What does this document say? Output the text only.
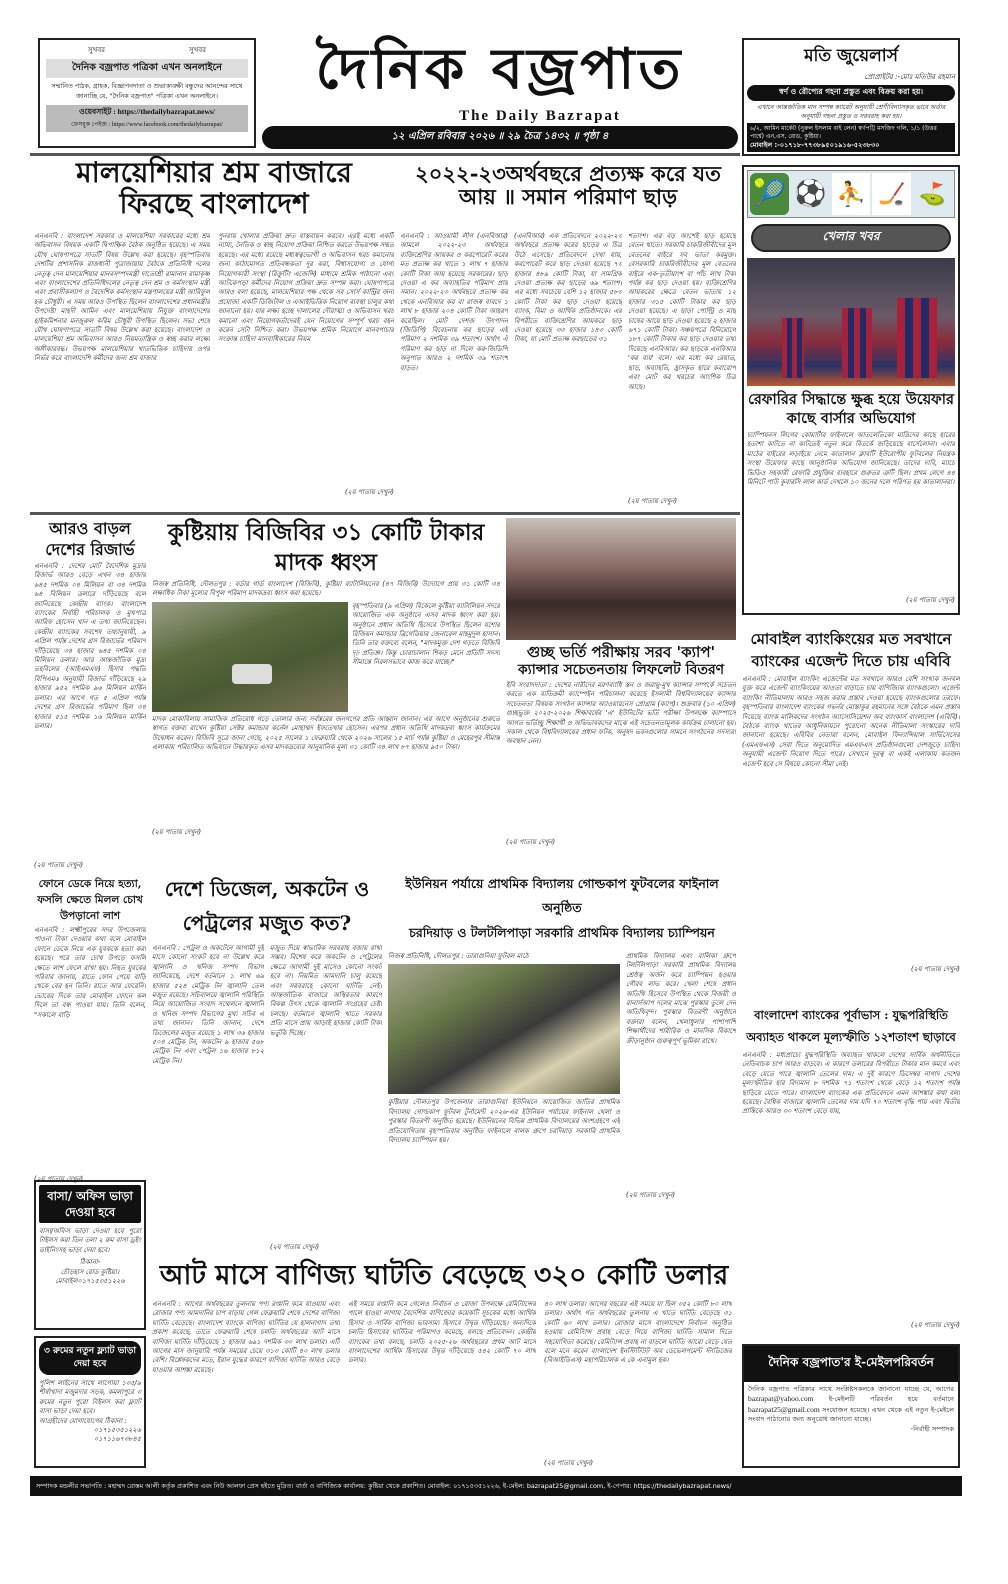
সুখবর	সুখবর
দৈনিক বজ্রপাত পত্রিকা এখন অনলাইনে
সম্মানিত পাঠক, গ্রাহক, বিজ্ঞাপনদাতা ও শুভাকাঙ্ক্ষী বন্ধুদের আনন্দের সাথে জানাচ্ছি যে, "দৈনিক বজ্রপাত" পত্রিকা এখন অনলাইনে।
ওয়েবসাইট : https://thedailybazrapat.news/
ফেসবুক পেইজ : https://www.facebook.com/thedailybazrapat/
দৈনিক বজ্রপাত
The Daily Bazrapat
১২ এপ্রিল রবিবার ২০২৬ ॥ ২৯ চৈত্র ১৪৩২ ॥ পৃষ্ঠা ৪
মতি জুয়েলার্স
প্রোপ্রাইটর :-মোঃ মতিউর রহমান
স্বর্ণ ও রৌপ্যের গহনা প্রস্তুত এবং বিক্রয় করা হয়।
এখানে আন্তর্জাতিক মান সম্পন্ন ক্যারেট অনুযায়ী শ্রেণীবিন্যাসকৃত ভাবে অর্ডার অনুযায়ী গহনা প্রস্তুত ও সরবরাহ করা হয়।
৬/২, আমিন মার্কেট (নুরুল ইসলাম বাই লেন) স্বর্ণপট্টি মসজিদ গলি, ১/১ (উত্তর পার্শ্বে) এন,এস, রোড, কুষ্টিয়া।
মোবাইল :-০১৭১৮-৭৭৩৮৯৫০১৯১৬-৫২৩৮৩০
মালয়েশিয়ার শ্রম বাজারে ফিরছে বাংলাদেশ
এনএনবি : বাংলাদেশ সরকার ও মালয়েশিয়া সরকারের মধ্যে শ্রম অভিবাসন বিষয়ক একটি দ্বিপাক্ষিক বৈঠক অনুষ্ঠিত হয়েছে। এ সময় যৌথ ঘোষণাপত্রে সাতটি বিষয় উল্লেখ করা হয়েছে। বৃহস্পতিবার দেশটির প্রশাসনিক রাজধানী পুত্রাজায়ায় বৈঠকে প্রতিনিধি দলের নেতৃত্ব দেন মালয়েশিয়ার মানবসম্পদমন্ত্রী দাতোশ্রী রামানান রামাকৃষ্ণ এবং বাংলাদেশের প্রতিনিধিদলের নেতৃত্ব দেন শ্রম ও কর্মসংস্থান মন্ত্রী এবং প্রবাসীকল্যাণ ও বৈদেশিক কর্মসংস্থান মন্ত্রণালয়ের মন্ত্রী আরিফুল হক চৌধুরী। এ সময় আরও উপস্থিত ছিলেন বাংলাদেশের প্রধানমন্ত্রীর উপদেষ্টা মাহদী আমিন এবং মালয়েশিয়ায় নিযুক্ত বাংলাদেশের হাইকমিশনার মনজুরুল করিম চৌধুরী উপস্থিত ছিলেন। সভা শেষে যৌথ ঘোষণাপত্রে সাতটি বিষয় উল্লেখ করা হয়েছে। বাংলাদেশ ও মালয়েশিয়া শ্রম অভিবাসন আরও নিয়মতান্ত্রিক ও স্বচ্ছ করার লক্ষ্যে অঙ্গীকারবদ্ধ। উভয়পক্ষ মালয়েশিয়ার খাতভিত্তিক চাহিদার ওপর নির্ভর করে বাংলাদেশি কর্মীদের জন্য শ্রম বাজার
পুনরায় খোলার প্রক্রিয়া দ্রুত বাস্তবায়ন করবে। এরই মধ্যে একটি ন্যায্য, নৈতিক ও স্বচ্ছ নিয়োগ প্রক্রিয়া নিশ্চিত করতে উভয়পক্ষ সম্মত হয়েছে। এর মধ্যে রয়েছে মধ্যস্বত্বভোগী ও অভিবাসন খরচ কমানোর জন্য কাঠামোগত প্রতিবন্ধকতা দূর করা, বিশ্বাসযোগ্য ও যোগ্য নিয়োগকারী সংস্থা (রিক্রুটিং এজেন্সি) মাধ্যমে শ্রমিক পাঠানো এবং আটকেপড়া কর্মীদের নিয়োগ প্রক্রিয়া দ্রুত সম্পন্ন করা। ঘোষণাপত্রে আরও বলা হয়েছে, মালয়েশিয়ার পক্ষ থেকে সব সোর্স কান্ট্রির জন্য প্রযোজ্য একটি ডিজিটাল ও এআইভিত্তিক নিয়োগ ব্যবস্থা চালুর কথা জানানো হয়। যার লক্ষ্য হচ্ছে দালালের দৌরাত্ম্য ও অভিবাসন খরচ কমানো এবং নিয়োগকর্তাদেরই যেন নিয়োগের সম্পূর্ণ খরচ বহন করেন সেটা নিশ্চিত করা। উভয়পক্ষ শ্রমিক নিয়োগে মানবপাচার সংক্রান্ত চাহিদা মানবাধিকারের নিয়ম
(২য় পাতায় দেখুন)
২০২২-২৩অর্থবছরে প্রত্যক্ষ করে যত আয় ॥ সমান পরিমাণ ছাড়
এনএনবি : আওয়ামী লীগ (এনবিআর) আমলে ২০২২-২৩ অর্থবছরে ব্যক্তিশ্রেণির আয়কর ও করপোরেট করের মত প্রত্যক্ষ কর খাতে ১ লাখ ৭ হাজার কোটি টাকা আয় হয়েছে সরকারের। ছাড় দেওয়া এ কর অব্যাহতির পরিমাণ প্রায় সমান। ২০২২-২৩ অর্থবছরে প্রত্যক্ষ কর থেকে এনবিআর কর বা রাজস্ব বাবদে ১ লাখ ৮ হাজার ২০৪ কোটি টাকা আহরণ করেছিল। মোট দেশজ উৎপাদন (জিডিপি) বিবেচনায় কর ছাড়ের এই পরিমাণ ২ দশমিক ৩৯ শতাংশ। অর্থাৎ ঐ পরিমাণ কর ছাড় না দিলে কর-জিডিপি অনুপাত আরও ২ দশমিক ৩৯ শতাংশ বাড়ত।
(এনবিআর) এক প্রতিবেদনে ২০২২-২৩ অর্থবছরে প্রত্যক্ষ করের ছাড়ের এ চিত্র উঠে এসেছে। প্রতিবেদনে দেখা যায়, করপোরেট করে ছাড় দেওয়া হয়েছে ৭৩ হাজার ৪৮৯ কোটি টাকা, যা সামগ্রিক দেওয়া প্রত্যক্ষ কর ছাড়ের ৬৯ শতাংশ। এর মধ্যে সবচেয়ে বেশি ১২ হাজার ৫৮৩ কোটি টাকা কর ছাড় দেওয়া হয়েছে ব্যাংক, বিমা ও আর্থিক প্রতিষ্ঠানকে। এর বিপরীতে ব্যক্তিশ্রেণির আয়করে ছাড় দেওয়া হয়েছে ৩৩ হাজার ১৪৩ কোটি টাকা, যা মোট প্রত্যক্ষ করছাড়ের ৩১
শতাংশ। এর বড় অংশেই ছাড় হয়েছে বেতন খাতে। সরকারি চাকরিজীবীদের মূল বেতনের বাইরে সব ভাতা করমুক্ত। বেসরকারি চাকরিজীবীদের মূল বেতনের বাইরে এক-তৃতীয়াংশ বা পাঁচ লাখ টাকা পর্যন্ত কর ছাড় দেওয়া হয়। ব্যক্তিশ্রেণির আয়করের ক্ষেত্রে বেতন ভাতায় ১২ হাজার ৩১৫ কোটি টাকার কর ছাড় দেওয়া হয়েছে। এ ছাড়া পোল্ট্রি ও মাছ চাষের আয়ে ছাড় দেওয়া হয়েছে ২ হাজার ৬৭১ কোটি টাকা। সঞ্চয়পত্রে বিনিয়োগে ১৮৭ কোটি টাকার কর ছাড় দেওয়ার তথ্য দিয়েছে এনবিআর। কর ছাড়কে এনবিআর 'কর ব্যয়' বলে। এর মধ্যে কর রেয়াত, ছাড়, অব্যাহতি, হ্রাসকৃত হারে করারোপ এবং মোট কর খরচের আংশিক চিত্র আছে।
(২য় পাতায় দেখুন)
🎾 ⚽ ⛹ 🏒 ⛳
খেলার খবর
রেফারির সিদ্ধান্তে ক্ষুব্ধ হয়ে উয়েফার কাছে বার্সার অভিযোগ
চ্যাম্পিয়নস লিগের কোয়ার্টার ফাইনালে আতলেতিকো মাদ্রিদের কাছে হারের হতাশা কাটতে না কাটতেই নতুন করে বিতর্কে জড়িয়েছে বার্সেলোনা। এবার মাঠের বাইরের লড়াইয়ে নেমে কাতালান ক্লাবটি ইউরোপীয় ফুটবলের নিয়ন্ত্রক সংস্থা উয়েফার কাছে আনুষ্ঠানিক অভিযোগ জানিয়েছে। তাদের দাবি, ম্যাচে ভিডিও সহকারী রেফারি প্রযুক্তির ব্যবহারে গুরুতর ত্রুটি ছিল। প্রথম লেগে ৪৪ মিনিটে পাউ কুবারসি লাল কার্ড দেখলে ১০ জনের দলে পরিণত হয় কাতালানরা।
(২য় পাতায় দেখুন)
আরও বাড়ল দেশের রিজার্ভ
এনএনবি : দেশের মোট বৈদেশিক মুদ্রার রিজার্ভ আরও বেড়ে এখন ৩৪ হাজার ৬৪৫ দশমিক ০৪ মিলিয়ন বা ৩৪ দশমিক ৬৪ বিলিয়ন ডলারে দাঁড়িয়েছে বলে জানিয়েছে কেন্দ্রীয় ব্যাংক। বাংলাদেশ ব্যাংকের নির্বাহী পরিচালক ও মুখপাত্র আরিফ হোসেন খান এ তথ্য জানিয়েছেন। কেন্দ্রীয় ব্যাংকের সবশেষ তথ্যানুযায়ী, ৯ এপ্রিল পর্যন্ত দেশের গ্রস রিজার্ভের পরিমাণ দাঁড়িয়েছে ৩৪ হাজার ৬৪৫ দশমিক ০৪ মিলিয়ন ডলার। আর আন্তর্জাতিক মুদ্রা তহবিলের (আইএমএফ) হিসাব পদ্ধতি বিপিএম৬ অনুযায়ী রিজার্ভ দাঁড়িয়েছে ২৯ হাজার ৯৫২ দশমিক ৯৬ মিলিয়ন মার্কিন ডলার। এর আগে গত ৫ এপ্রিল পর্যন্ত দেশের গ্রস রিজার্ভের পরিমাণ ছিল ৩৪ হাজার ৫১৫ দশমিক ১৬ মিলিয়ন মার্কিন ডলার।
(২য় পাতায় দেখুন)
কুষ্টিয়ায় বিজিবির ৩১ কোটি টাকার মাদক ধ্বংস
নিজস্ব প্রতিনিধি, দৌলতপুর : বর্ডার গার্ড বাংলাদেশ (বিজিবি), কুষ্টিয়া ব্যাটালিয়নের (৪৭ বিজিবি) উদ্যোগে প্রায় ৩১ কোটি ৩৪ লক্ষাধিক টাকা মূল্যের বিপুল পরিমাণ মাদকদ্রব্য ধ্বংস করা হয়েছে।
বৃহস্পতিবার (৯ এপ্রিল) বিকেলে কুষ্টিয়া ব্যাটালিয়ন সদরে আয়োজিত এক অনুষ্ঠানে এসব মাদক ধ্বংস করা হয়। অনুষ্ঠানে প্রধান অতিথি হিসেবে উপস্থিত ছিলেন যশোর রিজিয়ন কমান্ডার ব্রিগেডিয়ার জেনারেল মাহমুদুল হাসান। তিনি তার বক্তব্যে বলেন, "মাদকমুক্ত দেশ গড়তে বিজিবি দৃঢ় প্রতিজ্ঞ। কিন্তু চোরাচালান শিকড় মেনে প্রতিটি সদস্য সীমান্তে নিরলসভাবে কাজ করে যাচ্ছে।"
মাদক মোকাবিলায় সামাজিক প্রতিরোধ গড়ে তোলার জন্য সর্বস্তরের জনগণের প্রতি আহ্বান জানান। এর আগে অনুষ্ঠানের শুরুতে স্বাগত বক্তব্য রাখেন কুষ্টিয়া সেক্টর কমান্ডার কর্নেল মোহাম্মদ ইফতেখার হোসেন। এরপর প্রধান অতিথি মাদকদ্রব্য ধ্বংস কার্যক্রমের উদ্বোধন করেন। বিজিবি সূত্রে জানা গেছে, ২০২৫ সালের ১ ফেব্রুয়ারি থেকে ২০২৬ সালের ১৫ মার্চ পর্যন্ত কুষ্টিয়া ও মেহেরপুর সীমান্ত এলাকায় পরিচালিত অভিযানে উদ্ধারকৃত এসব মাদকদ্রব্যের আনুমানিক মূল্য ৩১ কোটি ৩৪ লাখ ৮৭ হাজার ৯৫০ টাকা।
(২য় পাতায় দেখুন)
গুচ্ছ ভর্তি পরীক্ষায় সরব 'ক্যাপ'
ক্যান্সার সচেতনতায় লিফলেট বিতরণ
ইবি সংবাদদাতা : দেশের নারীদের মরণব্যাধি স্তন ও জরায়ু-মুখ ক্যান্সার সম্পর্কে সচেতন করতে এক ব্যতিক্রমী ক্যাম্পেইন পরিচালনা করেছে ইসলামী বিশ্ববিদ্যালয়ের ক্যান্সার সচেতনতা বিষয়ক সংগঠন ক্যান্সার অ্যাওয়ারনেস প্রোগ্রাম (ক্যাপ)। শুক্রবার (১০ এপ্রিল) গুচ্ছভুক্ত ২০২৫-২০২৬ শিক্ষাবর্ষের 'এ' ইউনিটের ভর্তি পরীক্ষা উপলক্ষে ক্যাম্পাসে আগত ভর্তিচ্ছু শিক্ষার্থী ও অভিভাবকদের মাঝে এই সচেতনতামূলক কার্যক্রম চালানো হয়। সকাল থেকে বিশ্ববিদ্যালয়ের প্রধান ফটক, অনুষদ ভবনগুলোর সামনে সংগঠনের সদস্যরা অবস্থান নেন।
(২য় পাতায় দেখুন)
মোবাইল ব্যাংকিংয়ের মত সবখানে ব্যাংকের এজেন্ট দিতে চায় এবিবি
এনএনবি : মোবাইল ব্যাংকিং এজেন্টের মত সবখানে আরও বেশি সংখ্যক জনবল যুক্ত করে এজেন্ট ব্যাংকিংয়ের আওতা বাড়াতে চায় বাণিজ্যিক ব্যাংকগুলো। এজেন্ট ব্যাংকিং নীতিমালায় আরও সহজ করার প্রস্তাব দেওয়া হয়েছে ব্যাংকগুলোর তরফে। বৃহস্পতিবার বাংলাদেশ ব্যাংকের গভর্নর মোস্তাকুর রহমানের সঙ্গে বৈঠকে এমন প্রস্তাব দিয়েছে ব্যাংক মালিকদের সংগঠন অ্যাসোসিয়েশন অব ব্যাংকার্স বাংলাদেশ (এবিবি)। বৈঠকে ব্যাংক খাতের আধুনিকায়নে পুরোনো অনেক নীতিমালা সংস্কারের দাবি জানানো হয়েছে। এবিবির নেতারা বলেন, মোবাইল ফিন্যান্সিয়াল সার্ভিসেসের (এমএফএস) সেবা দিতে অনুমোদিত এমএফএস প্রতিষ্ঠানগুলো দেশজুড়ে চাহিদা অনুযায়ী এজেন্ট নিয়োগ দিতে পারে। সেখানে দূরত্ব বা একই এলাকায় কতজন এজেন্ট হবে সে বিষয়ে কোনো সীমা নেই।
(২য় পাতায় দেখুন)
ফোনে ডেকে নিয়ে হত্যা, ফসলি ক্ষেতে মিলল চোখ উপড়ানো লাশ
এনএনবি : লক্ষ্মীপুরের সদর উপজেলায় পাওনা টাকা দেওয়ার কথা বলে মোবাইল ফোনে ডেকে নিয়ে এক যুবককে হত্যা করা হয়েছে। পরে তার চোখ উপড়ে ফসলি ক্ষেতে লাশ ফেলে রাখা হয়। নিহত যুবকের পরিবার জানায়, রাতে ফোন পেয়ে বাড়ি থেকে বের হন তিনি। রাতে আর ফেরেনি। ভোরের দিকে তার মোবাইল ফোনে কল দিলে তা বন্ধ পাওয়া যায়। তিনি বলেন, "সকালে বাড়ি
(২য় পাতায় দেখুন)
দেশে ডিজেল, অকটেন ও পেট্রলের মজুত কত?
এনএনবি : পেট্রল ও অকটেনে আগামী দুই মাসে কোনো সংকট হবে না উল্লেখ করে জ্বালানি ও খনিজ সম্পদ বিভাগ জানিয়েছে, দেশে বর্তমানে ১ লাখ ৬৯ হাজার ৫২৪ মেট্রিক টন জ্বালানি তেল মজুত রয়েছে। সচিবালয়ে জ্বালানি পরিস্থিতি নিয়ে আয়োজিত সংবাদ সম্মেলনে জ্বালানি ও খনিজ সম্পদ বিভাগের মুখ্য সচিব এ তথ্য জানান। তিনি জানান, দেশে ডিজেলের মজুত রয়েছে ১ লাখ ৩৬ হাজার ৫০৪ মেট্রিক টন, অকটেন ৯ হাজার ৫৬৮ মেট্রিক টন এবং পেট্রল ১৬ হাজার ৮১২ মেট্রিক টন।
মজুত দিয়ে স্বাভাবিক সরবরাহ বজায় রাখা সম্ভব। বিশেষ করে অকটেন ও পেট্রলের ক্ষেত্রে আগামী দুই মাসেও কোনো সংকট হবে না। নিয়মিত আমদানি চালু রয়েছে এবং সরবরাহে কোনো ঘাটতি নেই। আন্তর্জাতিক বাজারে অস্থিরতার কারণে বিকল্প উৎস থেকে জ্বালানি সংগ্রহের চেষ্টা চলছে। বর্তমানে জ্বালানি খাতে সরকার প্রতি মাসে প্রায় আড়াই হাজার কোটি টাকা ভর্তুকি দিচ্ছে।
(২য় পাতায় দেখুন)
ইউনিয়ন পর্যায়ে প্রাথমিক বিদ্যালয় গোল্ডকাপ ফুটবলের ফাইনাল অনুষ্ঠিত
চরদিয়াড় ও টলটলিপাড়া সরকারি প্রাথমিক বিদ্যালয় চ্যাম্পিয়ন
নিজস্ব প্রতিনিধি, দৌলতপুর : তারাগুনিয়া ফুটবল মাঠে
কুষ্টিয়ার দৌলতপুর উপজেলার তারাগুনিয়া ইউনিয়নে আয়োজিত জাতির প্রাথমিক বিদ্যালয় গোল্ডকাপ ফুটবল টুর্নামেন্ট ২০২৬-এর ইউনিয়ন পর্যায়ের ফাইনাল খেলা ও পুরস্কার বিতরণী অনুষ্ঠিত হয়েছে। ইউনিয়নের বিভিন্ন প্রাথমিক বিদ্যালয়ের অংশগ্রহণে এই প্রতিযোগিতায় বৃহস্পতিবার অনুষ্ঠিত ফাইনালে বালক গ্রুপে চরদিয়াড় সরকারি প্রাথমিক বিদ্যালয় চ্যাম্পিয়ন হয়।
প্রাথমিক বিদ্যালয় এবং বালিকা গ্রুপে টলটলিপাড়া সরকারি প্রাথমিক বিদ্যালয় শ্রেষ্ঠত্ব অর্জন করে চ্যাম্পিয়ন হওয়ার গৌরব লাভ করে। খেলা শেষে প্রধান অতিথি হিসেবে উপস্থিত থেকে বিজয়ী ও রানার্সআপ দলের মাঝে পুরস্কার তুলে দেন অতিথিবৃন্দ। পুরস্কার বিতরণী অনুষ্ঠানে বক্তারা বলেন, খেলাধুলার পাশাপাশি শিক্ষার্থীদের শারীরিক ও মানসিক বিকাশে ক্রীড়ানুষ্ঠান গুরুত্বপূর্ণ ভূমিকা রাখে।
(২য় পাতায় দেখুন)
বাংলাদেশ ব্যাংকের পূর্বাভাস : যুদ্ধপরিস্থিতি অব্যাহত থাকলে মূল্যস্ফীতি ১২শতাংশ ছাড়াবে
এনএনবি : মধ্যপ্রাচ্যে যুদ্ধপরিস্থিতি অব্যাহত থাকলে দেশের সার্বিক অর্থনীতিতে নেতিবাচক চাপ আরও বাড়বে। এ কারণে ডলারের বিপরীতে টাকার মান কমবে এবং বেড়ে যেতে পারে জ্বালানি তেলের দাম। এ দুই কারণে ডিসেম্বর নাগাদ দেশের মূল্যস্ফীতির হার বিদ্যমান ৮ দশমিক ৭১ শতাংশ থেকে বেড়ে ১২ শতাংশ পর্যন্ত ছাড়িয়ে যেতে পারে। বাংলাদেশ ব্যাংকের এক প্রতিবেদনে এমন আশঙ্কার কথা বলা হয়েছে। বৈশ্বিক বাজারে জ্বালানি তেলের দাম যদি ৭০ শতাংশ বৃদ্ধি পায় এবং দ্বিতীয় প্রান্তিকে আরও ৩০ শতাংশ বেড়ে যায়,
(২য় পাতায় দেখুন)
বাসা/ অফিস ভাড়া দেওয়া হবে
বাসা/অফিস ভাড়া দেওয়া হবে পুরো টাইলস করা তিন তলা ২ রুম বাসা ড্রইং ডাইনিংসহ ভাড়া দেয়া হবে।
ঠিকানা-
চৌড়হাস রোড কুষ্টিয়া।
মোবাইল০১৭১৫৩৫১২২৬
৩ রুমের নতুন ফ্ল্যাট ভাড়া দেয়া হবে
পুলিশ লাইনের সাথে লাগোয়া ১৩৫/৯ শীর্ষাখাদা মজুমদার সড়ক, কমলাপুরে ৩ রুমের নতুন পুরো টাইলস করা ফ্ল্যাট বাসা ভাড়া দেয়া হবে।
আগ্রহীদের যোগাযোগের ঠিকানা :
০১৭১৫৩৫১২২৬
০১৭১১৬৭৩৮৪৫
আট মাসে বাণিজ্য ঘাটতি বেড়েছে ৩২০ কোটি ডলার
এনএনবি : আগের অর্থবছরের তুলনায় পণ্য রপ্তানি কমে যাওয়ায় এবং রোজার পণ্য আমদানির চাপ বাড়ায় গেল ফেব্রুয়ারি শেষে দেশের বাণিজ্য ঘাটতি বেড়েছে। বাংলাদেশ ব্যাংকে বাণিজ্য ঘাটতির যে হালনাগাদ তথ্য প্রকাশ করেছে, তাতে ফেব্রুয়ারি শেষে চলতি অর্থবছরের আট মাসে বাণিজ্য ঘাটতি দাঁড়িয়েছে ১ হাজার ৬৯১ দশমিক ৩০ লাখ ডলার। এটি আগের মাস জানুয়ারি পর্যন্ত সময়ের চেয়ে ৩১৩ কোটি ৪০ লাখ ডলার বেশি। বিশ্লেষকদের মতে, ইরান যুদ্ধের কারণে বাণিজ্য ঘাটতি আরও বেড়ে যাওয়ার আশঙ্কা রয়েছে।
এই সময়ে রপ্তানি কমে গেলেও নির্বাচন ও রোজা উপলক্ষে রেমিট্যান্সের পালে হাওয়া লাগায় বৈদেশিক বাণিজ্যের কয়েকটি সূচকের মধ্যে আর্থিক হিসাব ও সার্বিক বাণিজ্য ভারসাম্য হিসাবে উদ্বৃত্ত দাঁড়িয়েছে। অন্যদিকে চলতি হিসাবের ঘাটতির পরিমাণও কমেছে, বলছে প্রতিবেদন। কেন্দ্রীয় ব্যাংকের তথ্য বলছে, চলতি ২০২৫-২৬ অর্থবছরের প্রথম আট মাসে বাংলাদেশের আর্থিক হিসাবের উদ্বৃত্ত দাঁড়িয়েছে ৫৪২ কোটি ৭০ লাখ ডলার।
৪০ লাখ ডলার। আগের বছরের এই সময়ে যা ছিল ৩৫২ কোটি ৮০ লাখ ডলার। অর্থাৎ গত অর্থবছরের তুলনায় এ খাতে ঘাটতি বেড়েছে ৩১ কোটি ৬০ লাখ ডলার। রোজার মাসে বাংলাদেশে নির্বাচন অনুষ্ঠিত হওয়ায় রেমিট্যান্স প্রবাহ বেড়ে গিয়ে বাণিজ্য ঘাটতি সামাল দিতে সহযোগিতা করেছে। রেমিট্যান্স প্রবাহ না বাড়লে ঘাটতি আরো বেড়ে যেত বলে মনে করেন বাংলাদেশ ইনস্টিটিউট অব ডেভেলপমেন্ট স্টাডিজের (বিআইডিএস) মহাপরিচালক এ কে এনামুল হক।
(২য় পাতায় দেখুন)
দৈনিক বজ্রপাত'র ই-মেইলপরিবর্তন
দৈনিক বজ্রপাত পত্রিকার সাথে সংশ্লিষ্টসকলকে জানানো যাচ্ছে যে, আগের bazrapat@yahoo.com ই-মেইলটি পরিবর্তন হয়ে বর্তমানে bazrapat25@gmail.com সংযোজন হয়েছে। এখন থেকে এই নতুন ই-মেইলে সংবাদ পাঠানোর জন্য অনুরোধ জানানো যাচ্ছে।
-নির্বাহী সম্পাদক
সম্পাদক মন্ডলীর সভাপতি : মহাম্মদ রোস্তম আলী কর্তৃক প্রকাশিত এবং নিউ আলফা প্রেস হইতে মুদ্রিত। বার্তা ও বাণিজ্যিক কার্যালয়: কুষ্টিয়া থেকে প্রকাশিত। মোবাইল: ০১৭১৫৩৫১২২৬, ই-মেইল: bazrapat25@gmail.com, ই-পেপার: https://thedailybazrapat.news/
